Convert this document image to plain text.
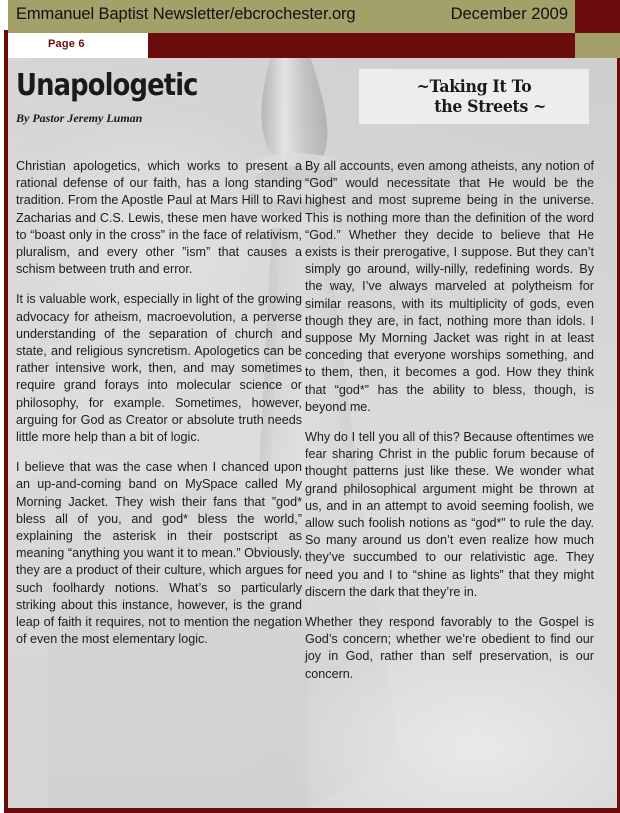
Unapologetic
By Pastor Jeremy Luman
~Taking It To
the Streets ~

Christian apologetics, which works to present a rational defense of our faith, has a long standing tradition. From the Apostle Paul at Mars Hill to Ravi Zacharias and C.S. Lewis, these men have worked to “boast only in the cross” in the face of relativism, pluralism, and every other ”ism” that causes a schism between truth and error.

It is valuable work, especially in light of the growing advocacy for atheism, macroevolution, a perverse understanding of the separation of church and state, and religious syncretism. Apologetics can be rather intensive work, then, and may sometimes require grand forays into molecular science or philosophy, for example. Sometimes, however, arguing for God as Creator or absolute truth needs little more help than a bit of logic.

I believe that was the case when I chanced upon an up-and-coming band on MySpace called My Morning Jacket. They wish their fans that ”god* bless all of you, and god* bless the world,” explaining the asterisk in their postscript as meaning “anything you want it to mean.” Obviously, they are a product of their culture, which argues for such foolhardy notions. What’s so particularly striking about this instance, however, is the grand leap of faith it requires, not to mention the negation of even the most elementary logic.

By all accounts, even among atheists, any notion of “God” would necessitate that He would be the highest and most supreme being in the universe. This is nothing more than the definition of the word “God.” Whether they decide to believe that He exists is their prerogative, I suppose. But they can’t simply go around, willy-nilly, redefining words. By the way, I’ve always marveled at polytheism for similar reasons, with its multiplicity of gods, even though they are, in fact, nothing more than idols. I suppose My Morning Jacket was right in at least conceding that everyone worships something, and to them, then, it becomes a god. How they think that “god*” has the ability to bless, though, is beyond me.

Why do I tell you all of this? Because oftentimes we fear sharing Christ in the public forum because of thought patterns just like these. We wonder what grand philosophical argument might be thrown at us, and in an attempt to avoid seeming foolish, we allow such foolish notions as “god*” to rule the day. So many around us don’t even realize how much they’ve succumbed to our relativistic age. They need you and I to “shine as lights” that they might discern the dark that they’re in.

Whether they respond favorably to the Gospel is God’s concern; whether we’re obedient to find our joy in God, rather than self preservation, is our concern.

Emmanuel Baptist Newsletter/ebcrochester.org	December 2009
Page 6
